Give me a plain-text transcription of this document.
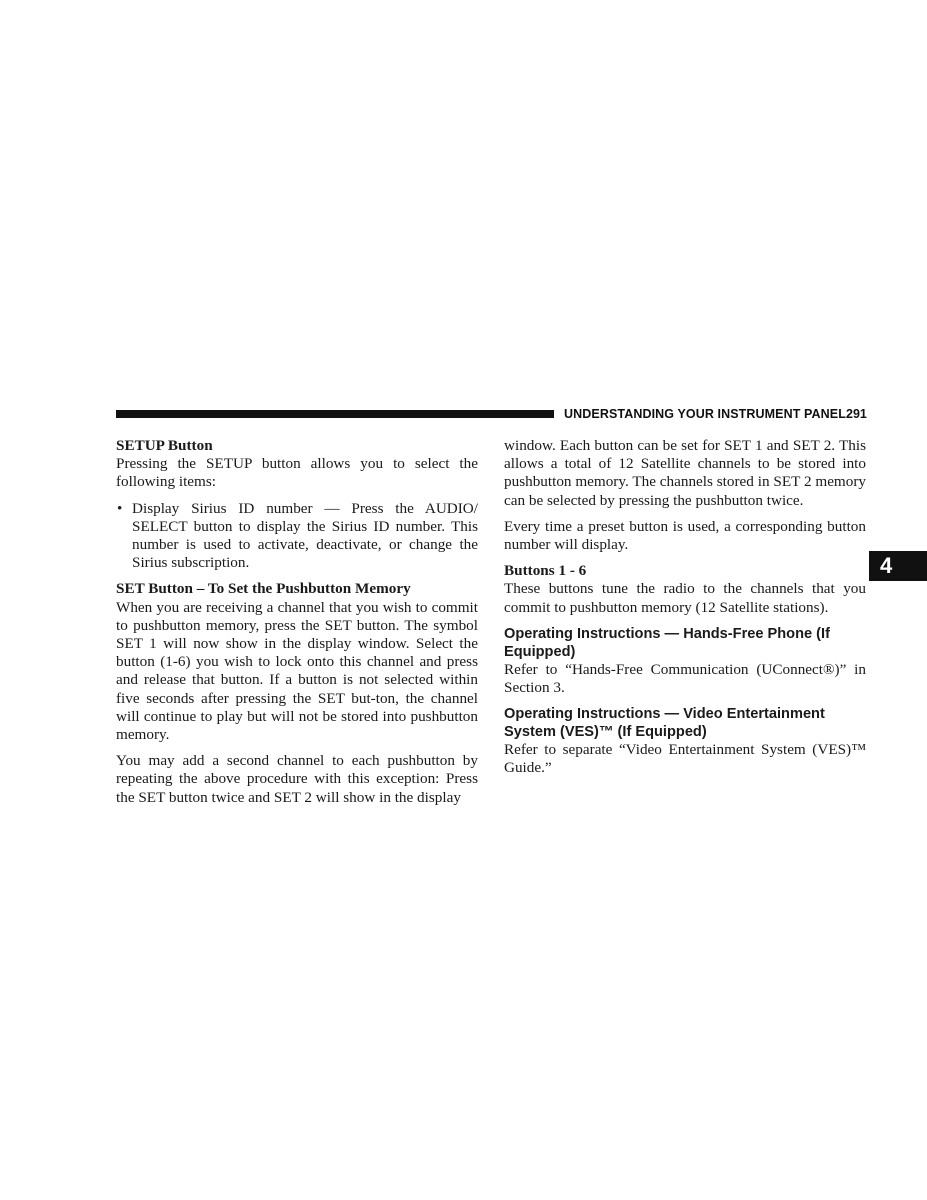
UNDERSTANDING YOUR INSTRUMENT PANEL 291
4
SETUP Button

Pressing the SETUP button allows you to select the following items:

• Display Sirius ID number — Press the AUDIO/ SELECT button to display the Sirius ID number. This number is used to activate, deactivate, or change the Sirius subscription.
SET Button – To Set the Pushbutton Memory

When you are receiving a channel that you wish to commit to pushbutton memory, press the SET button. The symbol SET 1 will now show in the display window. Select the button (1-6) you wish to lock onto this channel and press and release that button. If a button is not selected within five seconds after pressing the SET but-ton, the channel will continue to play but will not be stored into pushbutton memory.

You may add a second channel to each pushbutton by repeating the above procedure with this exception: Press the SET button twice and SET 2 will show in the display

window. Each button can be set for SET 1 and SET 2. This allows a total of 12 Satellite channels to be stored into pushbutton memory. The channels stored in SET 2 memory can be selected by pressing the pushbutton twice.

Every time a preset button is used, a corresponding button number will display.

Buttons 1 - 6

These buttons tune the radio to the channels that you commit to pushbutton memory (12 Satellite stations).

Operating Instructions — Hands-Free Phone (If Equipped)

Refer to “Hands-Free Communication (UConnect®)” in Section 3.

Operating Instructions — Video Entertainment System (VES)™ (If Equipped)

Refer to separate “Video Entertainment System (VES)™ Guide.”
